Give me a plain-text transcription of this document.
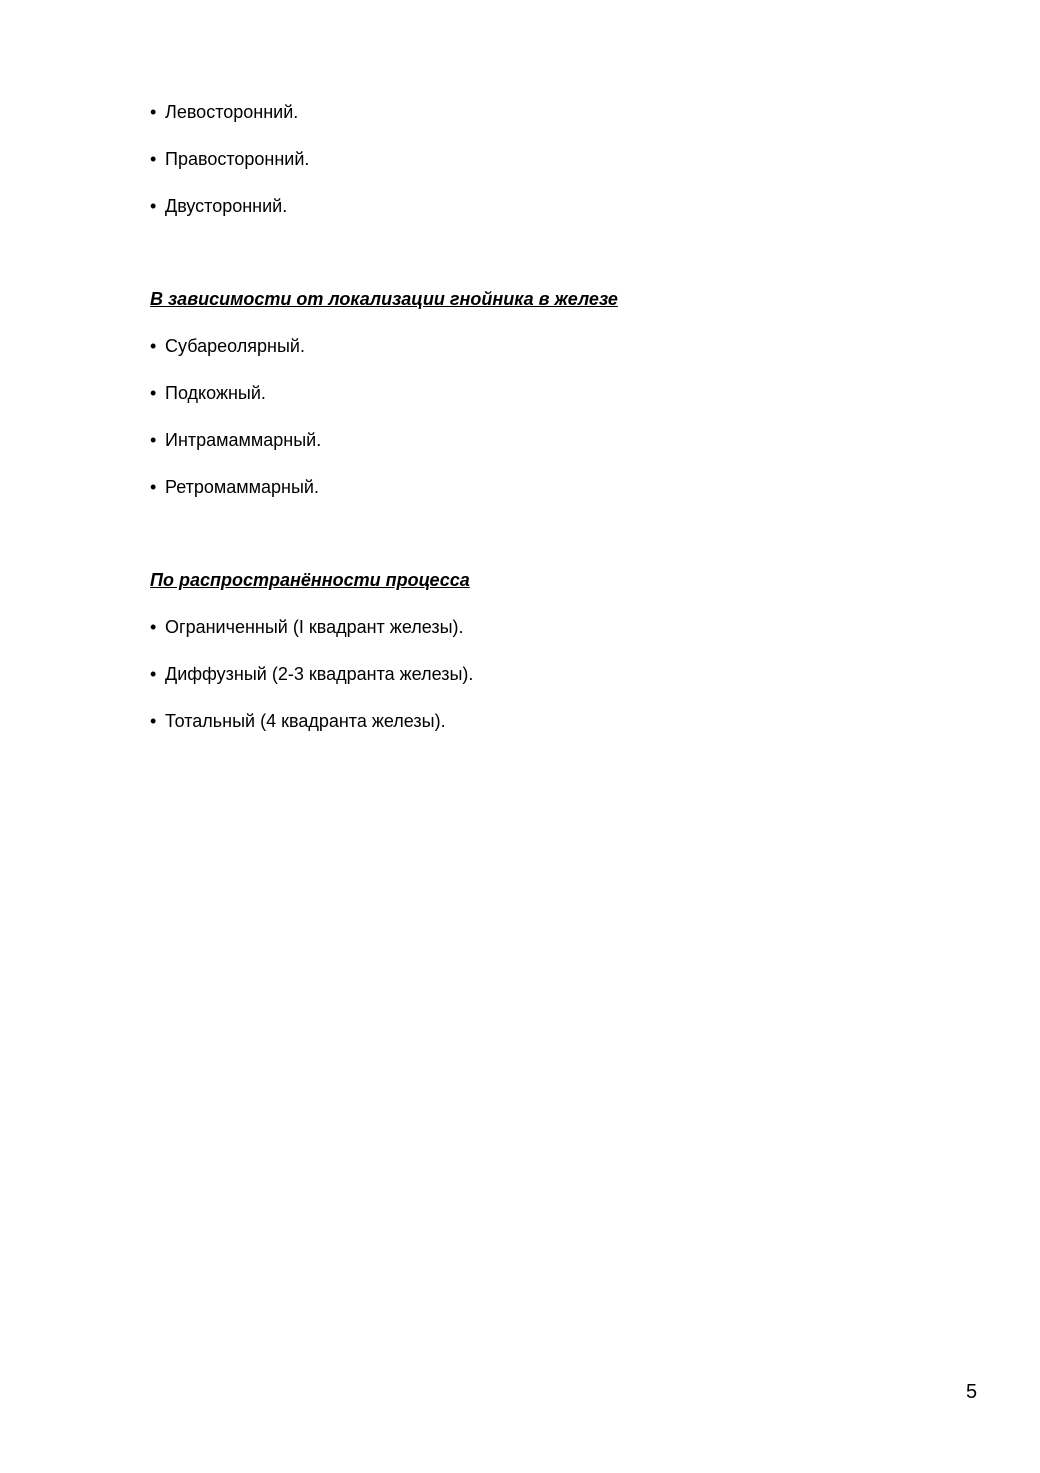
• Левосторонний.
• Правосторонний.
• Двусторонний.
В зависимости от локализации гнойника в железе
• Субареолярный.
• Подкожный.
• Интрамаммарный.
• Ретромаммарный.
По распространённости процесса
• Ограниченный (I квадрант железы).
• Диффузный (2-3 квадранта железы).
• Тотальный (4 квадранта железы).
5
